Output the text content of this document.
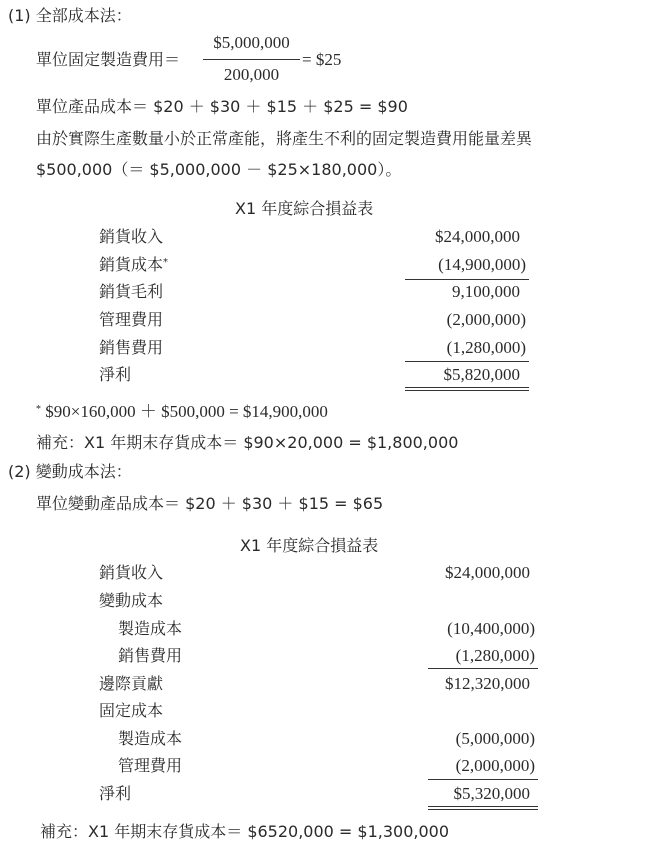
(1) 全部成本法：
單位固定製造費用＝
$5,000,000
200,000
= $25
單位產品成本＝ $20 ＋ $30 ＋ $15 ＋ $25 = $90
由於實際生產數量小於正常產能，將產生不利的固定製造費用能量差異
$500,000（＝ $5,000,000 － $25×180,000）。
X1 年度綜合損益表
銷貨收入	$24,000,000
銷貨成本*	(14,900,000)
銷貨毛利	9,100,000
管理費用	(2,000,000)
銷售費用	(1,280,000)
淨利	$5,820,000
* $90×160,000 ＋ $500,000 = $14,900,000
補充：X1 年期末存貨成本＝ $90×20,000 = $1,800,000
(2) 變動成本法：
單位變動產品成本＝ $20 ＋ $30 ＋ $15 = $65
X1 年度綜合損益表
銷貨收入	$24,000,000
變動成本
製造成本	(10,400,000)
銷售費用	(1,280,000)
邊際貢獻	$12,320,000
固定成本
製造成本	(5,000,000)
管理費用	(2,000,000)
淨利	$5,320,000
補充：X1 年期末存貨成本＝ $6520,000 = $1,300,000
